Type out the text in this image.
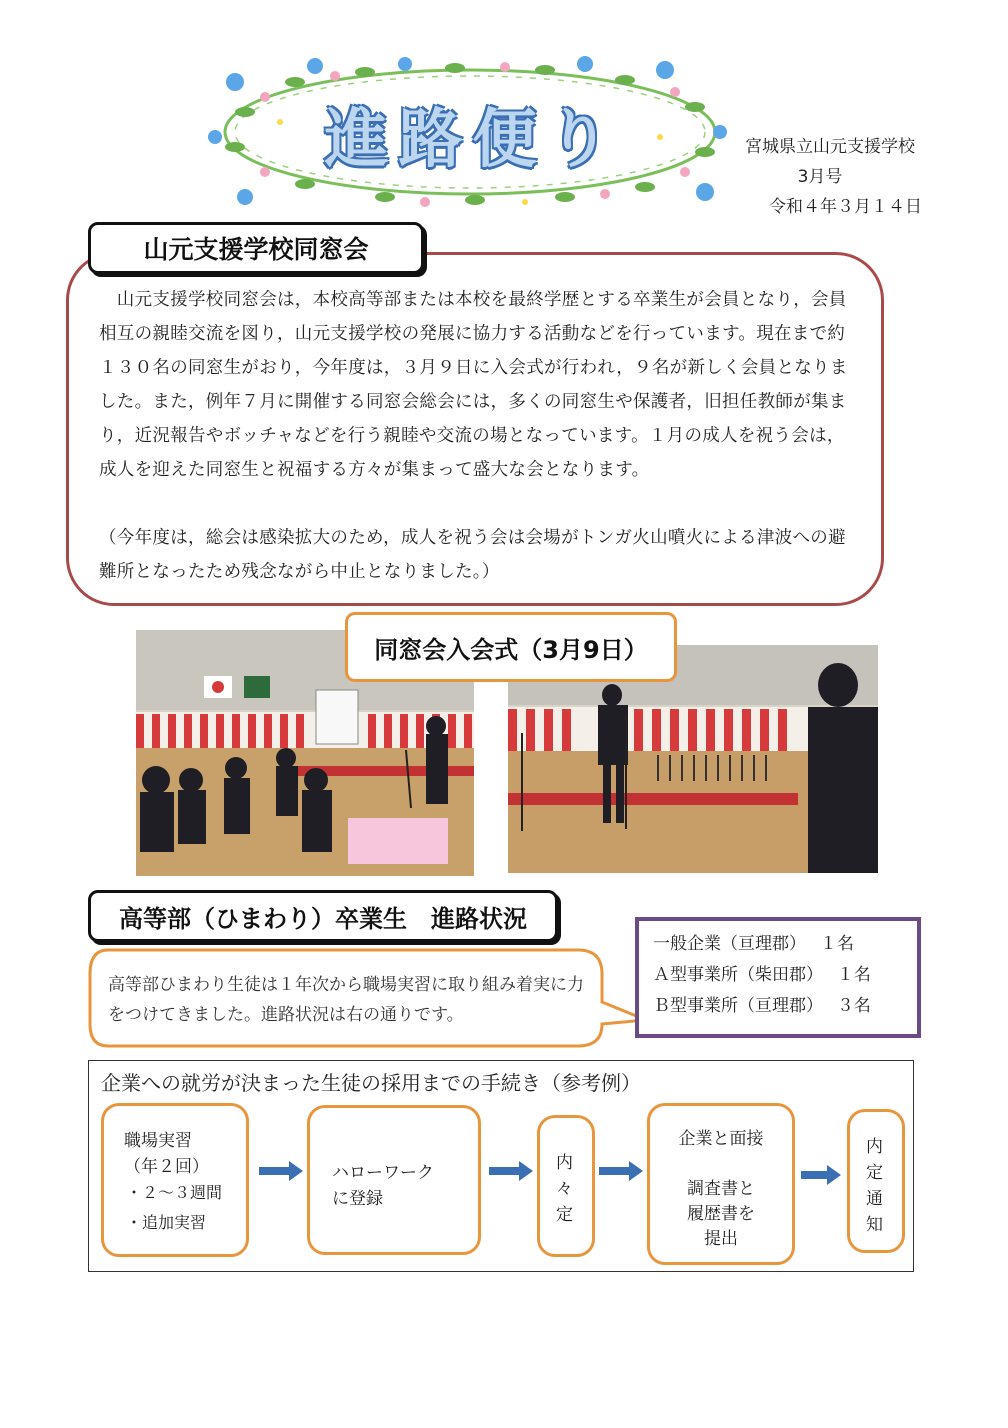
進路便り	宮城県立山元支援学校
3月号
令和４年３月１４日
　山元支援学校同窓会は，本校高等部または本校を最終学歴とする卒業生が会員となり，会員相互の親睦交流を図り，山元支援学校の発展に協力する活動などを行っています。現在まで約１３０名の同窓生がおり，今年度は，３月９日に入会式が行われ，９名が新しく会員となりました。また，例年７月に開催する同窓会総会には，多くの同窓生や保護者，旧担任教師が集まり，近況報告やボッチャなどを行う親睦や交流の場となっています。１月の成人を祝う会は，成人を迎えた同窓生と祝福する方々が集まって盛大な会となります。
（今年度は，総会は感染拡大のため，成人を祝う会は会場がトンガ火山噴火による津波への避難所となったため残念ながら中止となりました。）
山元支援学校同窓会
同窓会入会式（3月9日）
高等部（ひまわり）卒業生　進路状況
高等部ひまわり生徒は１年次から職場実習に取り組み着実に力をつけてきました。進路状況は右の通りです。
一般企業（亘理郡）　 １名
Ａ型事業所（柴田郡）　 １名
Ｂ型事業所（亘理郡）　 ３名
企業への就労が決まった生徒の採用までの手続き（参考例）
職場実習
（年２回）
・２～３週間
・追加実習
ハローワーク
に登録
内
々
定
企業と面接
調査書と
履歴書を
提出
内
定
通
知
